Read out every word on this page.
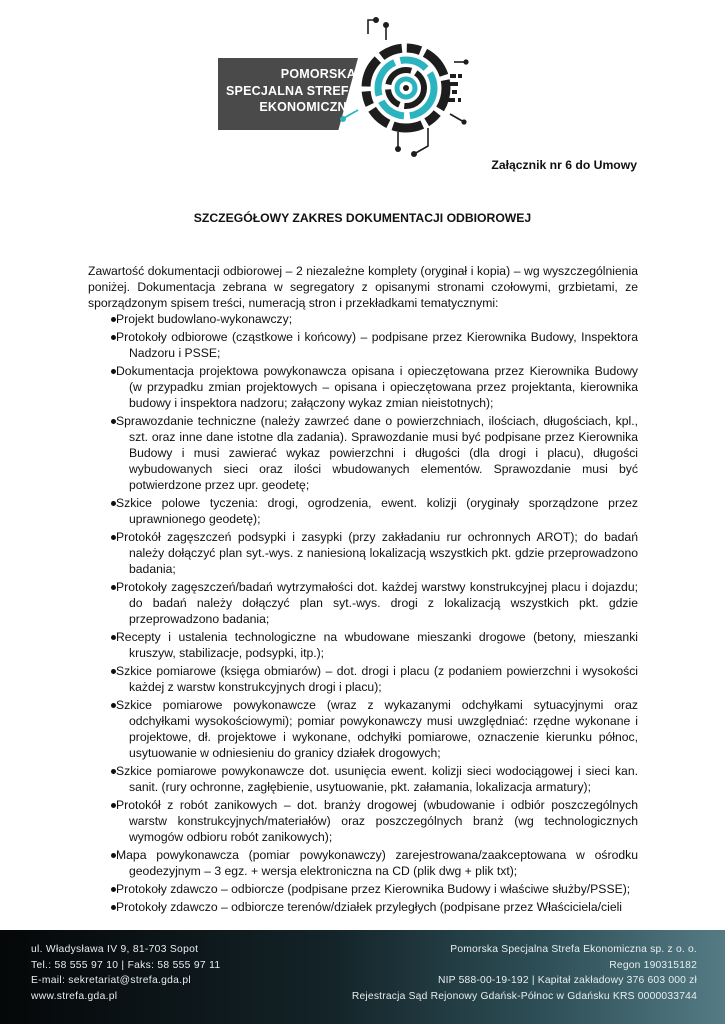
POMORSKA
SPECJALNA STREFA
EKONOMICZNA
Załącznik nr 6 do Umowy
SZCZEGÓŁOWY ZAKRES DOKUMENTACJI ODBIOROWEJ

Zawartość dokumentacji odbiorowej – 2 niezależne komplety (oryginał i kopia) – wg wyszczególnienia poniżej. Dokumentacja zebrana w segregatory z opisanymi stronami czołowymi, grzbietami, ze sporządzonym spisem treści, numeracją stron i przekładkami tematycznymi:

Projekt budowlano-wykonawczy;
Protokoły odbiorowe (cząstkowe i końcowy) – podpisane przez Kierownika Budowy, Inspektora Nadzoru i PSSE;
Dokumentacja projektowa powykonawcza opisana i opieczętowana przez Kierownika Budowy (w przypadku zmian projektowych – opisana i opieczętowana przez projektanta, kierownika budowy i inspektora nadzoru; załączony wykaz zmian nieistotnych);
Sprawozdanie techniczne (należy zawrzeć dane o powierzchniach, ilościach, długościach, kpl., szt. oraz inne dane istotne dla zadania). Sprawozdanie musi być podpisane przez Kierownika Budowy i musi zawierać wykaz powierzchni i długości (dla drogi i placu), długości wybudowanych sieci oraz ilości wbudowanych elementów. Sprawozdanie musi być potwierdzone przez upr. geodetę;
Szkice polowe tyczenia: drogi, ogrodzenia, ewent. kolizji (oryginały sporządzone przez uprawnionego geodetę);
Protokół zagęszczeń podsypki i zasypki (przy zakładaniu rur ochronnych AROT); do badań należy dołączyć plan syt.-wys. z naniesioną lokalizacją wszystkich pkt. gdzie przeprowadzono badania;
Protokoły zagęszczeń/badań wytrzymałości dot. każdej warstwy konstrukcyjnej placu i dojazdu; do badań należy dołączyć plan syt.-wys. drogi z lokalizacją wszystkich pkt. gdzie przeprowadzono badania;
Recepty i ustalenia technologiczne na wbudowane mieszanki drogowe (betony, mieszanki kruszyw, stabilizacje, podsypki, itp.);
Szkice pomiarowe (księga obmiarów) – dot. drogi i placu (z podaniem powierzchni i wysokości każdej z warstw konstrukcyjnych drogi i placu);
Szkice pomiarowe powykonawcze (wraz z wykazanymi odchyłkami sytuacyjnymi oraz odchyłkami wysokościowymi); pomiar powykonawczy musi uwzględniać: rzędne wykonane i projektowe, dł. projektowe i wykonane, odchyłki pomiarowe, oznaczenie kierunku północ, usytuowanie w odniesieniu do granicy działek drogowych;
Szkice pomiarowe powykonawcze dot. usunięcia ewent. kolizji sieci wodociągowej i sieci kan. sanit. (rury ochronne, zagłębienie, usytuowanie, pkt. załamania, lokalizacja armatury);
Protokół z robót zanikowych – dot. branży drogowej (wbudowanie i odbiór poszczególnych warstw konstrukcyjnych/materiałów) oraz poszczególnych branż (wg technologicznych wymogów odbioru robót zanikowych);
Mapa powykonawcza (pomiar powykonawczy) zarejestrowana/zaakceptowana w ośrodku geodezyjnym – 3 egz. + wersja elektroniczna na CD (plik dwg + plik txt);
Protokoły zdawczo – odbiorcze (podpisane przez Kierownika Budowy i właściwe służby/PSSE);
Protokoły zdawczo – odbiorcze terenów/działek przyległych (podpisane przez Właściciela/cieli
ul. Władysława IV 9, 81-703 Sopot
Tel.: 58 555 97 10 | Faks: 58 555 97 11
E-mail: sekretariat@strefa.gda.pl
www.strefa.gda.pl
Pomorska Specjalna Strefa Ekonomiczna sp. z o. o.
Regon 190315182
NIP 588-00-19-192 | Kapitał zakładowy 376 603 000 zł
Rejestracja Sąd Rejonowy Gdańsk-Północ w Gdańsku KRS 0000033744
